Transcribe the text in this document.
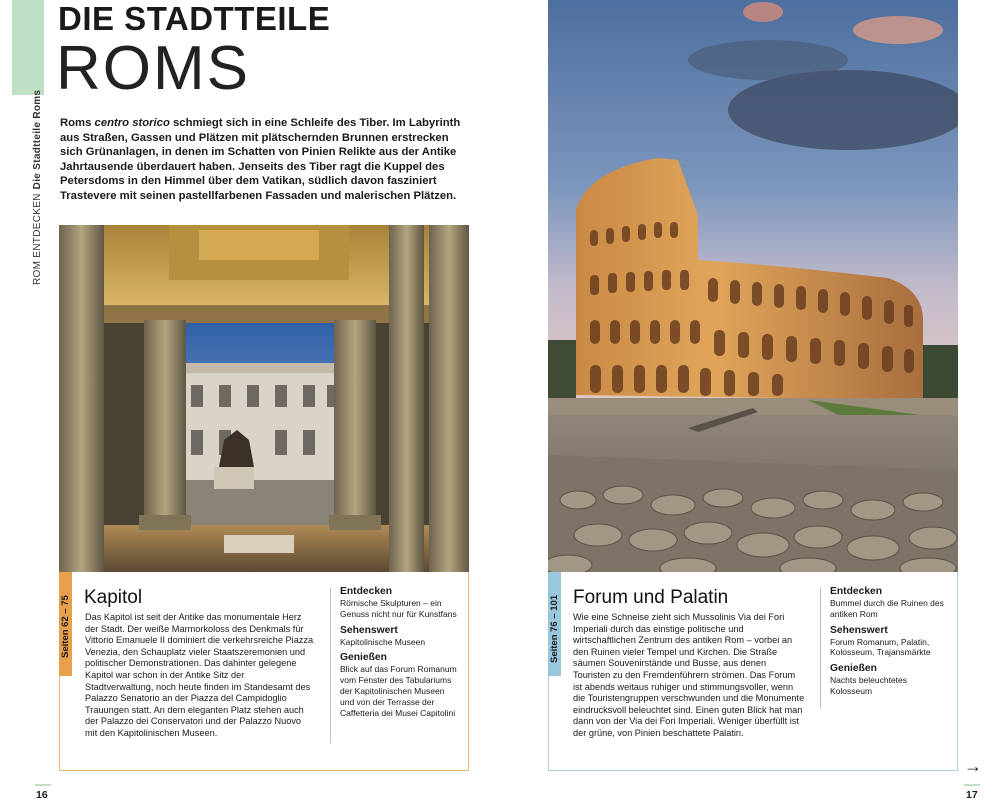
ROM ENTDECKENDie Stadtteile Roms
DIE STADTTEILE
ROMS

Roms centro storico schmiegt sich in eine Schleife des Tiber. Im Labyrinth aus Straßen, Gassen und Plätzen mit plätschernden Brunnen erstrecken sich Grünanlagen, in denen im Schatten von Pinien Relikte aus der Antike Jahrtausende überdauert haben. Jenseits des Tiber ragt die Kuppel des Petersdoms in den Himmel über dem Vatikan, südlich davon fasziniert Trastevere mit seinen pastellfarbenen Fassaden und malerischen Plätzen.

Seiten 62 – 75 Kapitol
Das Kapitol ist seit der Antike das monumentale Herz der Stadt. Der weiße Marmorkoloss des Denkmals für Vittorio Emanuele II dominiert die verkehrsreiche Piazza Venezia, den Schauplatz vieler Staatszeremonien und politischer Demonstrationen. Das dahinter gelegene Kapitol war schon in der Antike Sitz der Stadtverwaltung, noch heute finden im Standesamt des Palazzo Senatorio an der Piazza del Campidoglio Trauungen statt. An dem eleganten Platz stehen auch der Palazzo dei Conservatori und der Palazzo Nuovo mit den Kapitolinischen Museen.
Entdecken

Römische Skulpturen – ein Genuss nicht nur für Kunstfans

Sehenswert

Kapitolinische Museen

Genießen

Blick auf das Forum Romanum vom Fenster des Tabulariums der Kapitolinischen Museen und von der Terrasse der Caffetteria dei Musei Capitolini

16
Seiten 76 – 101 Forum und Palatin
Wie eine Schneise zieht sich Mussolinis Via dei Fori Imperiali durch das einstige politische und wirtschaftlichen Zentrum des antiken Rom – vorbei an den Ruinen vieler Tempel und Kirchen. Die Straße säumen Souvenirstände und Busse, aus denen Touristen zu den Fremdenführern strömen. Das Forum ist abends weitaus ruhiger und stimmungsvoller, wenn die Touristengruppen verschwunden und die Monumente eindrucksvoll beleuchtet sind. Einen guten Blick hat man dann von der Via dei Fori Imperiali. Weniger überfüllt ist der grüne, von Pinien beschattete Palatin.
Entdecken

Bummel durch die Ruinen des antiken Rom

Sehenswert

Forum Romanum, Palatin, Kolosseum, Trajansmärkte

Genießen

Nachts beleuchtetes Kolosseum

→
17
